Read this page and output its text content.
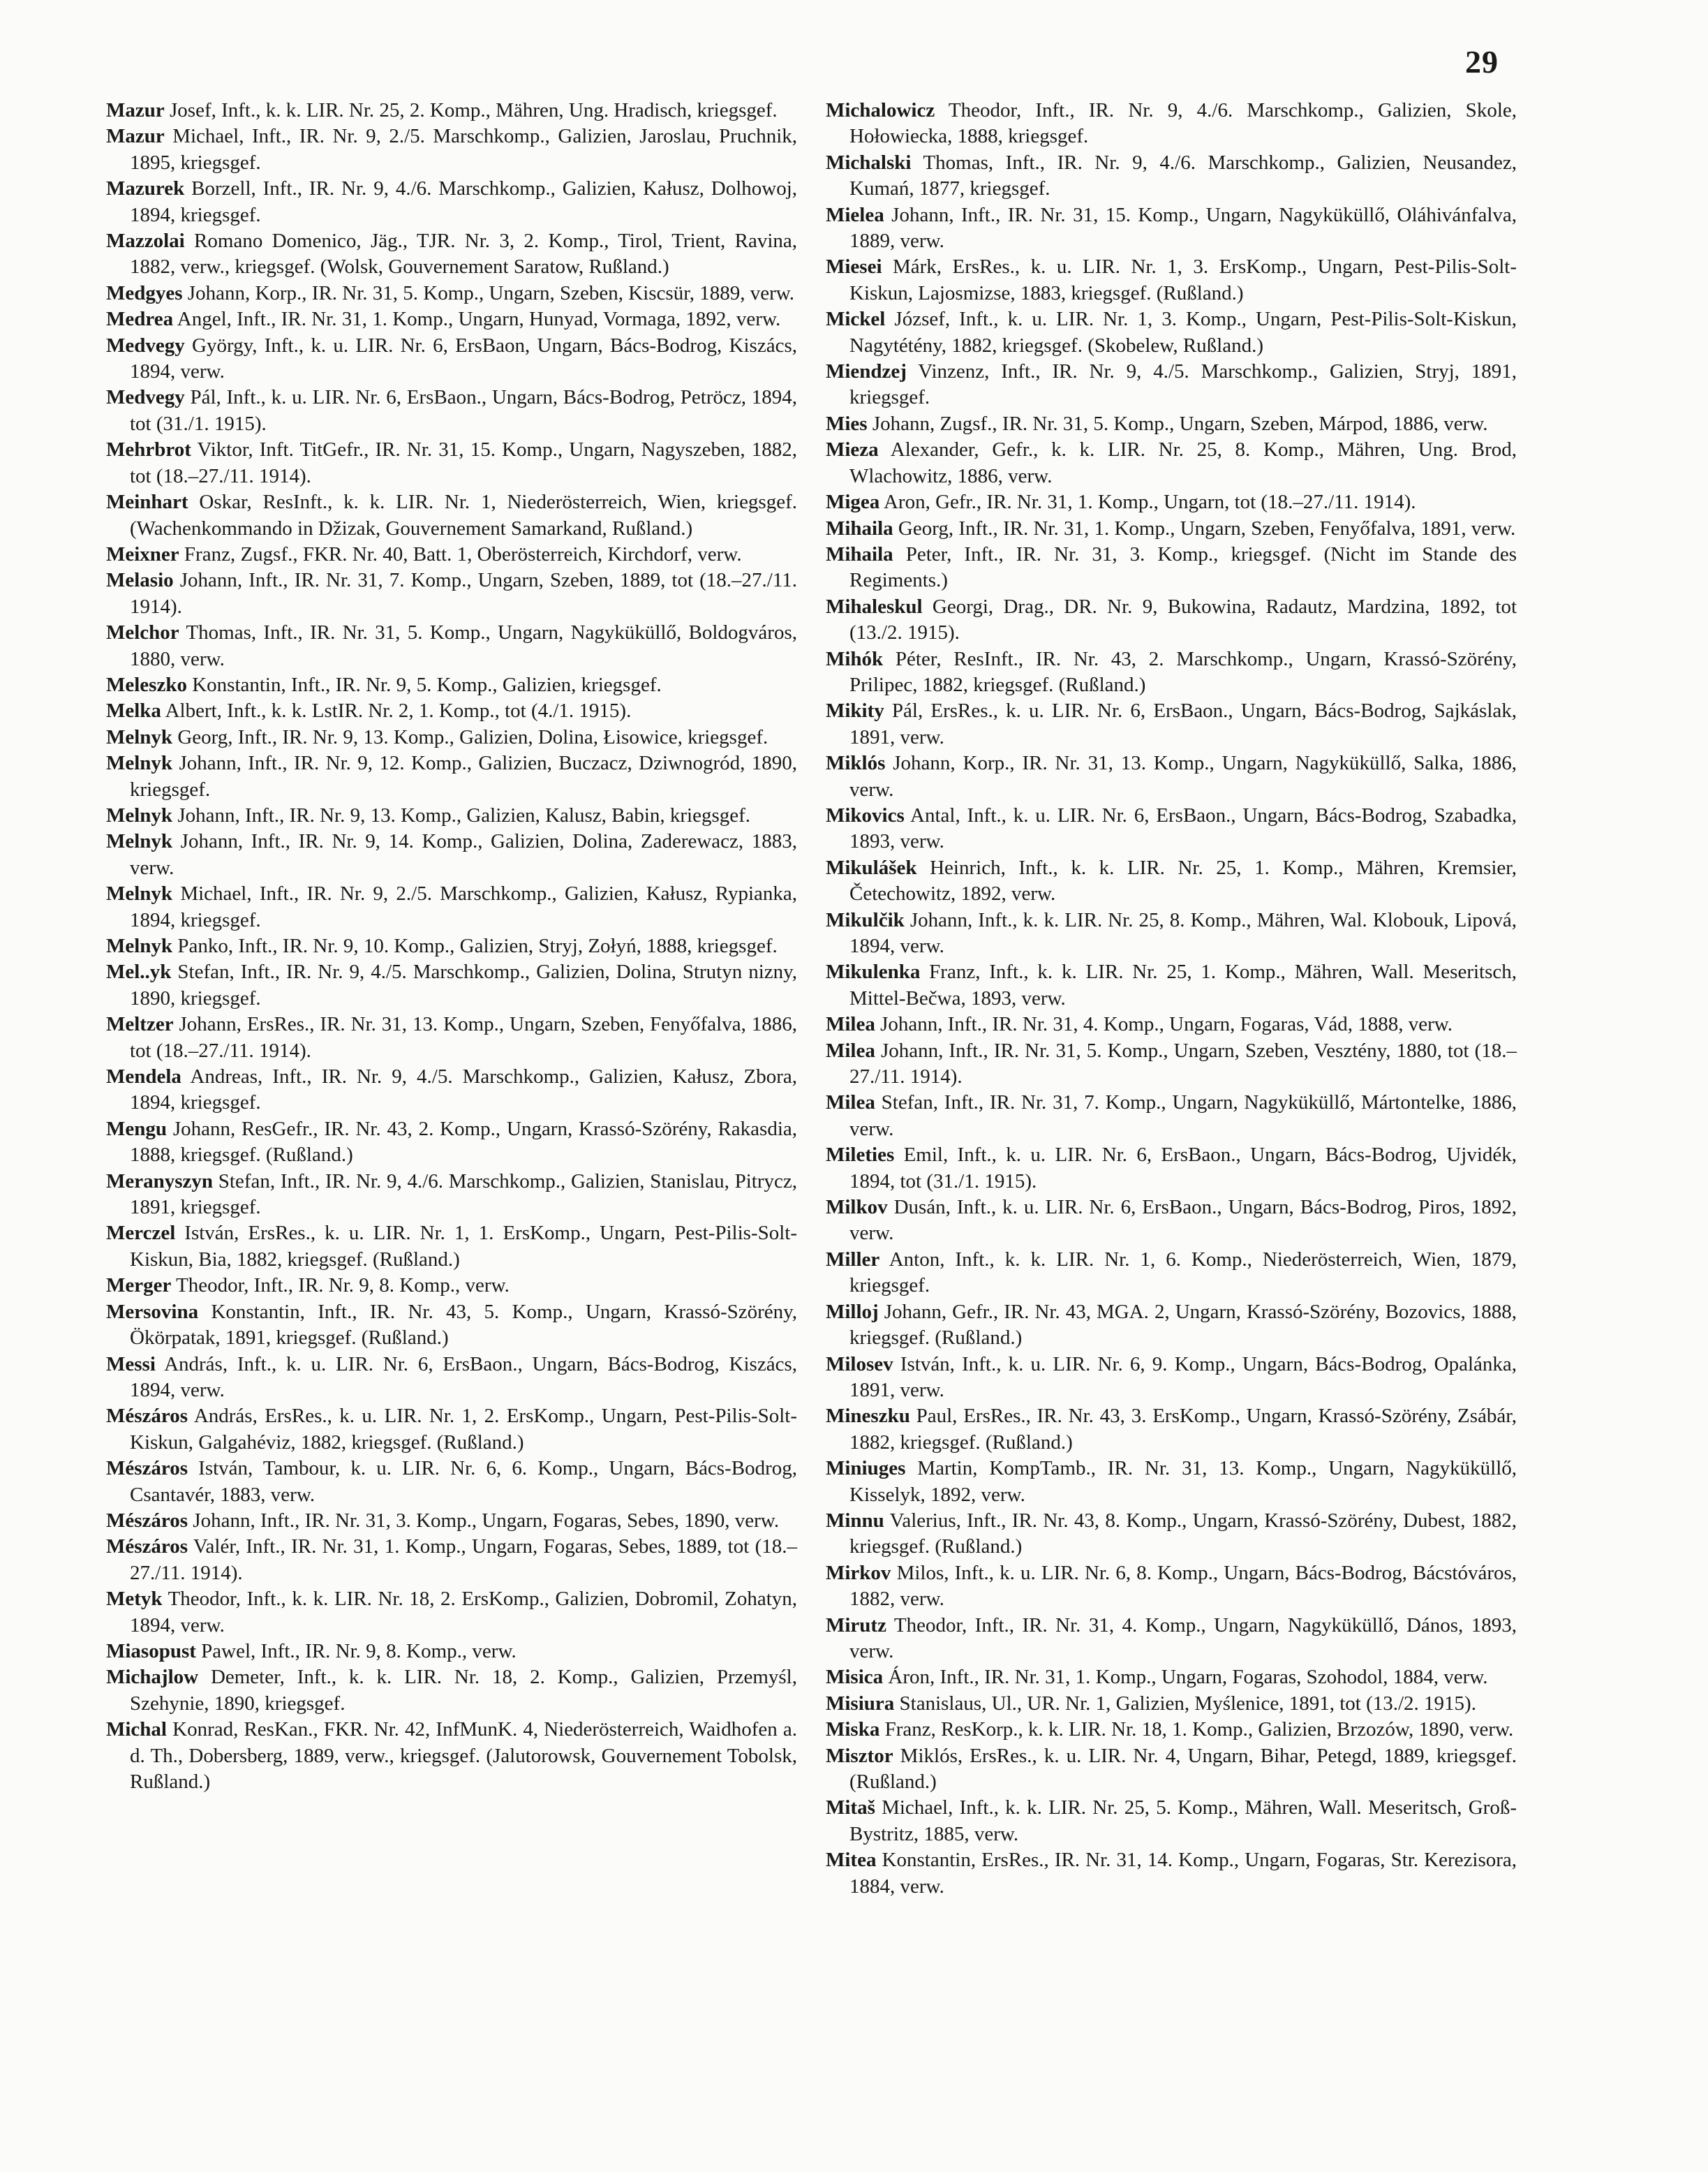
29

Mazur Josef, Inft., k. k. LIR. Nr. 25, 2. Komp., Mähren, Ung. Hradisch, kriegsgef.

Mazur Michael, Inft., IR. Nr. 9, 2./5. Marschkomp., Galizien, Jaroslau, Pruchnik, 1895, kriegsgef.

Mazurek Borzell, Inft., IR. Nr. 9, 4./6. Marschkomp., Galizien, Kałusz, Dolhowoj, 1894, kriegsgef.

Mazzolai Romano Domenico, Jäg., TJR. Nr. 3, 2. Komp., Tirol, Trient, Ravina, 1882, verw., kriegsgef. (Wolsk, Gouvernement Saratow, Rußland.)

Medgyes Johann, Korp., IR. Nr. 31, 5. Komp., Ungarn, Szeben, Kiscsür, 1889, verw.

Medrea Angel, Inft., IR. Nr. 31, 1. Komp., Ungarn, Hunyad, Vormaga, 1892, verw.

Medvegy György, Inft., k. u. LIR. Nr. 6, ErsBaon, Ungarn, Bács-Bodrog, Kiszács, 1894, verw.

Medvegy Pál, Inft., k. u. LIR. Nr. 6, ErsBaon., Ungarn, Bács-Bodrog, Petröcz, 1894, tot (31./1. 1915).

Mehrbrot Viktor, Inft. TitGefr., IR. Nr. 31, 15. Komp., Ungarn, Nagyszeben, 1882, tot (18.–27./11. 1914).

Meinhart Oskar, ResInft., k. k. LIR. Nr. 1, Niederösterreich, Wien, kriegsgef. (Wachenkommando in Džizak, Gouvernement Samarkand, Rußland.)

Meixner Franz, Zugsf., FKR. Nr. 40, Batt. 1, Oberösterreich, Kirchdorf, verw.

Melasio Johann, Inft., IR. Nr. 31, 7. Komp., Ungarn, Szeben, 1889, tot (18.–27./11. 1914).

Melchor Thomas, Inft., IR. Nr. 31, 5. Komp., Ungarn, Nagyküküllő, Boldogváros, 1880, verw.

Meleszko Konstantin, Inft., IR. Nr. 9, 5. Komp., Galizien, kriegsgef.

Melka Albert, Inft., k. k. LstIR. Nr. 2, 1. Komp., tot (4./1. 1915).

Melnyk Georg, Inft., IR. Nr. 9, 13. Komp., Galizien, Dolina, Łisowice, kriegsgef.

Melnyk Johann, Inft., IR. Nr. 9, 12. Komp., Galizien, Buczacz, Dziwnogród, 1890, kriegsgef.

Melnyk Johann, Inft., IR. Nr. 9, 13. Komp., Galizien, Kalusz, Babin, kriegsgef.

Melnyk Johann, Inft., IR. Nr. 9, 14. Komp., Galizien, Dolina, Zaderewacz, 1883, verw.

Melnyk Michael, Inft., IR. Nr. 9, 2./5. Marschkomp., Galizien, Kałusz, Rypianka, 1894, kriegsgef.

Melnyk Panko, Inft., IR. Nr. 9, 10. Komp., Galizien, Stryj, Zołyń, 1888, kriegsgef.

Mel..yk Stefan, Inft., IR. Nr. 9, 4./5. Marschkomp., Galizien, Dolina, Strutyn nizny, 1890, kriegsgef.

Meltzer Johann, ErsRes., IR. Nr. 31, 13. Komp., Ungarn, Szeben, Fenyőfalva, 1886, tot (18.–27./11. 1914).

Mendela Andreas, Inft., IR. Nr. 9, 4./5. Marschkomp., Galizien, Kałusz, Zbora, 1894, kriegsgef.

Mengu Johann, ResGefr., IR. Nr. 43, 2. Komp., Ungarn, Krassó-Szörény, Rakasdia, 1888, kriegsgef. (Rußland.)

Meranyszyn Stefan, Inft., IR. Nr. 9, 4./6. Marschkomp., Galizien, Stanislau, Pitrycz, 1891, kriegsgef.

Merczel István, ErsRes., k. u. LIR. Nr. 1, 1. ErsKomp., Ungarn, Pest-Pilis-Solt-Kiskun, Bia, 1882, kriegsgef. (Rußland.)

Merger Theodor, Inft., IR. Nr. 9, 8. Komp., verw.

Mersovina Konstantin, Inft., IR. Nr. 43, 5. Komp., Ungarn, Krassó-Szörény, Ökörpatak, 1891, kriegsgef. (Rußland.)

Messi András, Inft., k. u. LIR. Nr. 6, ErsBaon., Ungarn, Bács-Bodrog, Kiszács, 1894, verw.

Mészáros András, ErsRes., k. u. LIR. Nr. 1, 2. ErsKomp., Ungarn, Pest-Pilis-Solt-Kiskun, Galgahéviz, 1882, kriegsgef. (Rußland.)

Mészáros István, Tambour, k. u. LIR. Nr. 6, 6. Komp., Ungarn, Bács-Bodrog, Csantavér, 1883, verw.

Mészáros Johann, Inft., IR. Nr. 31, 3. Komp., Ungarn, Fogaras, Sebes, 1890, verw.

Mészáros Valér, Inft., IR. Nr. 31, 1. Komp., Ungarn, Fogaras, Sebes, 1889, tot (18.–27./11. 1914).

Metyk Theodor, Inft., k. k. LIR. Nr. 18, 2. ErsKomp., Galizien, Dobromil, Zohatyn, 1894, verw.

Miasopust Pawel, Inft., IR. Nr. 9, 8. Komp., verw.

Michajlow Demeter, Inft., k. k. LIR. Nr. 18, 2. Komp., Galizien, Przemyśl, Szehynie, 1890, kriegsgef.

Michal Konrad, ResKan., FKR. Nr. 42, InfMunK. 4, Niederösterreich, Waidhofen a. d. Th., Dobersberg, 1889, verw., kriegsgef. (Jalutorowsk, Gouvernement Tobolsk, Rußland.)

Michalowicz Theodor, Inft., IR. Nr. 9, 4./6. Marschkomp., Galizien, Skole, Hołowiecka, 1888, kriegsgef.

Michalski Thomas, Inft., IR. Nr. 9, 4./6. Marschkomp., Galizien, Neusandez, Kumań, 1877, kriegsgef.

Mielea Johann, Inft., IR. Nr. 31, 15. Komp., Ungarn, Nagyküküllő, Oláhivánfalva, 1889, verw.

Miesei Márk, ErsRes., k. u. LIR. Nr. 1, 3. ErsKomp., Ungarn, Pest-Pilis-Solt-Kiskun, Lajosmizse, 1883, kriegsgef. (Rußland.)

Mickel József, Inft., k. u. LIR. Nr. 1, 3. Komp., Ungarn, Pest-Pilis-Solt-Kiskun, Nagytétény, 1882, kriegsgef. (Skobelew, Rußland.)

Miendzej Vinzenz, Inft., IR. Nr. 9, 4./5. Marschkomp., Galizien, Stryj, 1891, kriegsgef.

Mies Johann, Zugsf., IR. Nr. 31, 5. Komp., Ungarn, Szeben, Márpod, 1886, verw.

Mieza Alexander, Gefr., k. k. LIR. Nr. 25, 8. Komp., Mähren, Ung. Brod, Wlachowitz, 1886, verw.

Migea Aron, Gefr., IR. Nr. 31, 1. Komp., Ungarn, tot (18.–27./11. 1914).

Mihaila Georg, Inft., IR. Nr. 31, 1. Komp., Ungarn, Szeben, Fenyőfalva, 1891, verw.

Mihaila Peter, Inft., IR. Nr. 31, 3. Komp., kriegsgef. (Nicht im Stande des Regiments.)

Mihaleskul Georgi, Drag., DR. Nr. 9, Bukowina, Radautz, Mardzina, 1892, tot (13./2. 1915).

Mihók Péter, ResInft., IR. Nr. 43, 2. Marschkomp., Ungarn, Krassó-Szörény, Prilipec, 1882, kriegsgef. (Rußland.)

Mikity Pál, ErsRes., k. u. LIR. Nr. 6, ErsBaon., Ungarn, Bács-Bodrog, Sajkáslak, 1891, verw.

Miklós Johann, Korp., IR. Nr. 31, 13. Komp., Ungarn, Nagyküküllő, Salka, 1886, verw.

Mikovics Antal, Inft., k. u. LIR. Nr. 6, ErsBaon., Ungarn, Bács-Bodrog, Szabadka, 1893, verw.

Mikulášek Heinrich, Inft., k. k. LIR. Nr. 25, 1. Komp., Mähren, Kremsier, Četechowitz, 1892, verw.

Mikulčik Johann, Inft., k. k. LIR. Nr. 25, 8. Komp., Mähren, Wal. Klobouk, Lipová, 1894, verw.

Mikulenka Franz, Inft., k. k. LIR. Nr. 25, 1. Komp., Mähren, Wall. Meseritsch, Mittel-Bečwa, 1893, verw.

Milea Johann, Inft., IR. Nr. 31, 4. Komp., Ungarn, Fogaras, Vád, 1888, verw.

Milea Johann, Inft., IR. Nr. 31, 5. Komp., Ungarn, Szeben, Vesztény, 1880, tot (18.–27./11. 1914).

Milea Stefan, Inft., IR. Nr. 31, 7. Komp., Ungarn, Nagyküküllő, Mártontelke, 1886, verw.

Mileties Emil, Inft., k. u. LIR. Nr. 6, ErsBaon., Ungarn, Bács-Bodrog, Ujvidék, 1894, tot (31./1. 1915).

Milkov Dusán, Inft., k. u. LIR. Nr. 6, ErsBaon., Ungarn, Bács-Bodrog, Piros, 1892, verw.

Miller Anton, Inft., k. k. LIR. Nr. 1, 6. Komp., Niederösterreich, Wien, 1879, kriegsgef.

Milloj Johann, Gefr., IR. Nr. 43, MGA. 2, Ungarn, Krassó-Szörény, Bozovics, 1888, kriegsgef. (Rußland.)

Milosev István, Inft., k. u. LIR. Nr. 6, 9. Komp., Ungarn, Bács-Bodrog, Opalánka, 1891, verw.

Mineszku Paul, ErsRes., IR. Nr. 43, 3. ErsKomp., Ungarn, Krassó-Szörény, Zsábár, 1882, kriegsgef. (Rußland.)

Miniuges Martin, KompTamb., IR. Nr. 31, 13. Komp., Ungarn, Nagyküküllő, Kisselyk, 1892, verw.

Minnu Valerius, Inft., IR. Nr. 43, 8. Komp., Ungarn, Krassó-Szörény, Dubest, 1882, kriegsgef. (Rußland.)

Mirkov Milos, Inft., k. u. LIR. Nr. 6, 8. Komp., Ungarn, Bács-Bodrog, Bácstóváros, 1882, verw.

Mirutz Theodor, Inft., IR. Nr. 31, 4. Komp., Ungarn, Nagyküküllő, Dános, 1893, verw.

Misica Áron, Inft., IR. Nr. 31, 1. Komp., Ungarn, Fogaras, Szohodol, 1884, verw.

Misiura Stanislaus, Ul., UR. Nr. 1, Galizien, Myślenice, 1891, tot (13./2. 1915).

Miska Franz, ResKorp., k. k. LIR. Nr. 18, 1. Komp., Galizien, Brzozów, 1890, verw.

Misztor Miklós, ErsRes., k. u. LIR. Nr. 4, Ungarn, Bihar, Petegd, 1889, kriegsgef. (Rußland.)

Mitaš Michael, Inft., k. k. LIR. Nr. 25, 5. Komp., Mähren, Wall. Meseritsch, Groß-Bystritz, 1885, verw.

Mitea Konstantin, ErsRes., IR. Nr. 31, 14. Komp., Ungarn, Fogaras, Str. Kerezisora, 1884, verw.
